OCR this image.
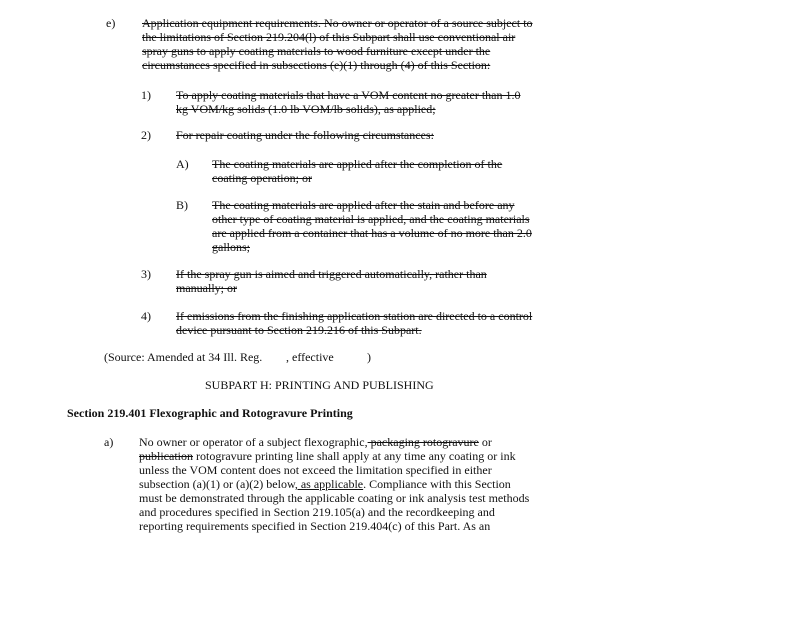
e) Application equipment requirements. No owner or operator of a source subject to
the limitations of Section 219.204(l) of this Subpart shall use conventional air
spray guns to apply coating materials to wood furniture except under the
circumstances specified in subsections (e)(1) through (4) of this Section:
1) To apply coating materials that have a VOM content no greater than 1.0
kg VOM/kg solids (1.0 lb VOM/lb solids), as applied;
2) For repair coating under the following circumstances:
A) The coating materials are applied after the completion of the
coating operation; or
B) The coating materials are applied after the stain and before any
other type of coating material is applied, and the coating materials
are applied from a container that has a volume of no more than 2.0
gallons;
3) If the spray gun is aimed and triggered automatically, rather than
manually; or
4) If emissions from the finishing application station are directed to a control
device pursuant to Section 219.216 of this Subpart.
(Source: Amended at 34 Ill. Reg. , effective	)
SUBPART H: PRINTING AND PUBLISHING
Section 219.401 Flexographic and Rotogravure Printing
a) No owner or operator of a subject flexographic, packaging rotogravure or
publication rotogravure printing line shall apply at any time any coating or ink
unless the VOM content does not exceed the limitation specified in either
subsection (a)(1) or (a)(2) below, as applicable. Compliance with this Section
must be demonstrated through the applicable coating or ink analysis test methods
and procedures specified in Section 219.105(a) and the recordkeeping and
reporting requirements specified in Section 219.404(c) of this Part. As an
